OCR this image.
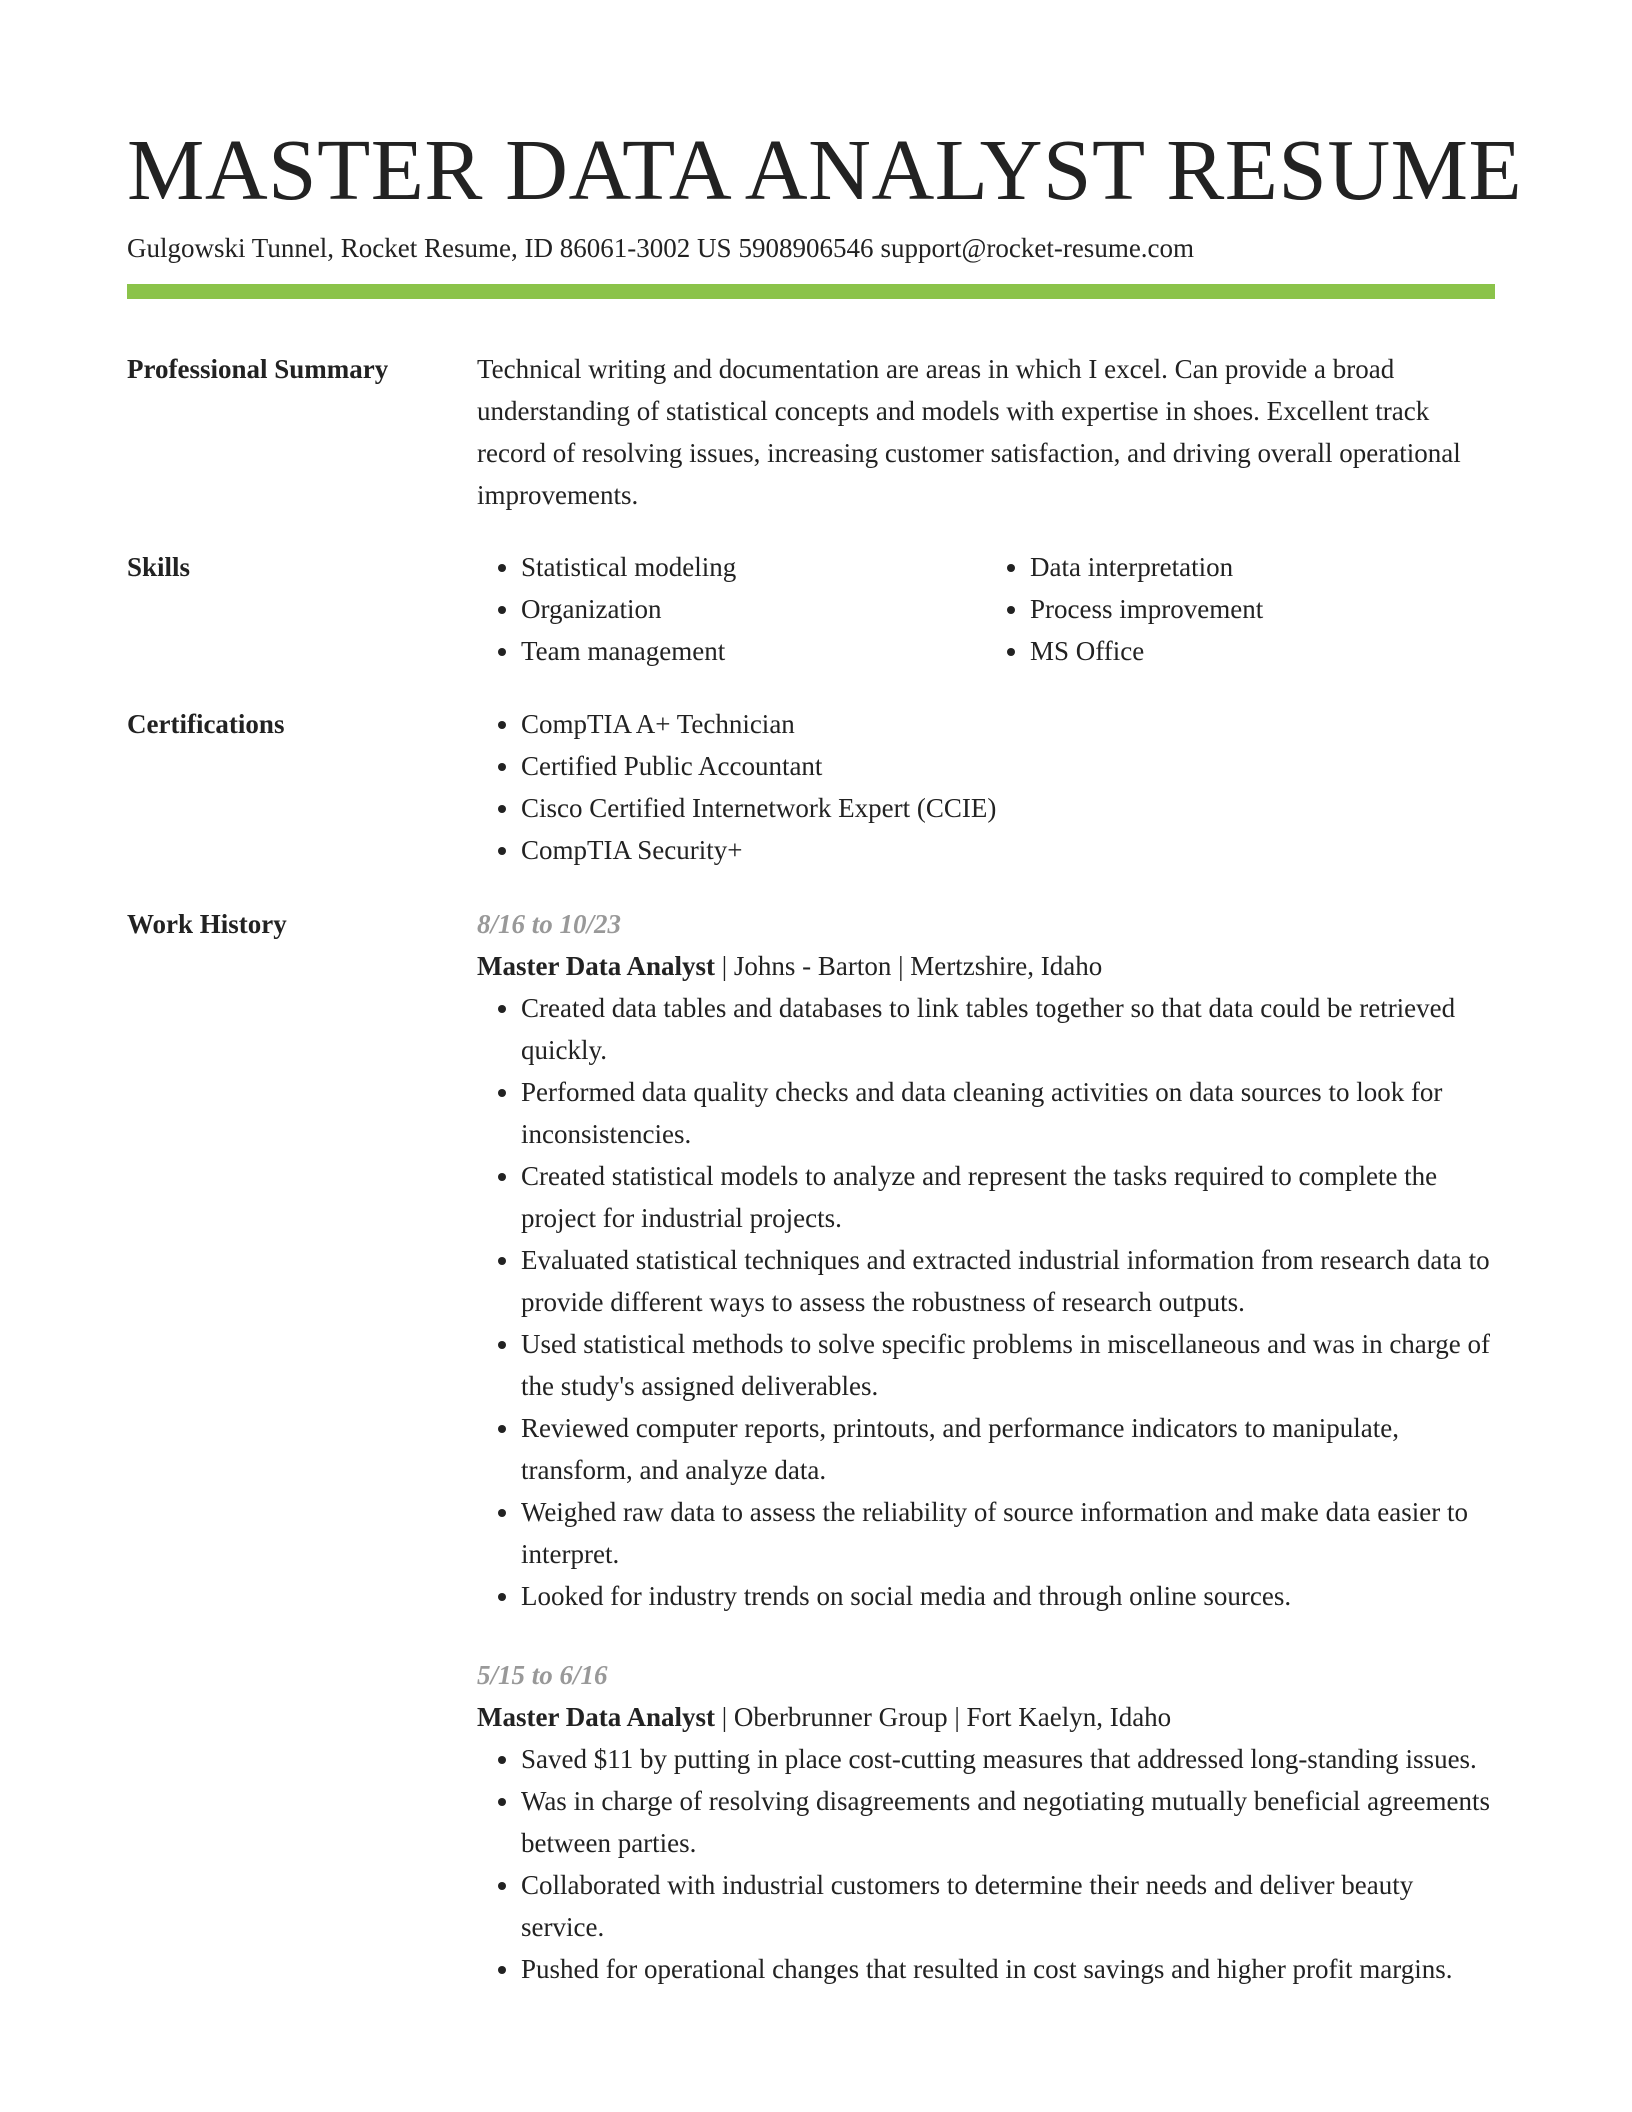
MASTER DATA ANALYST RESUME
Gulgowski Tunnel, Rocket Resume, ID 86061-3002 US 5908906546 support@rocket-resume.com
Professional Summary	Technical writing and documentation are areas in which I excel. Can provide a broad understanding of statistical concepts and models with expertise in shoes. Excellent track record of resolving issues, increasing customer satisfaction, and driving overall operational improvements.

Skills	• Statistical modeling
• Organization
• Team management
• Data interpretation
• Process improvement
• MS Office
Certifications	• CompTIA A+ Technician
• Certified Public Accountant
• Cisco Certified Internetwork Expert (CCIE)
• CompTIA Security+
Work History	8/16 to 10/23
Master Data Analyst | Johns - Barton | Mertzshire, Idaho
• Created data tables and databases to link tables together so that data could be retrieved quickly.
• Performed data quality checks and data cleaning activities on data sources to look for inconsistencies.
• Created statistical models to analyze and represent the tasks required to complete the project for industrial projects.
• Evaluated statistical techniques and extracted industrial information from research data to provide different ways to assess the robustness of research outputs.
• Used statistical methods to solve specific problems in miscellaneous and was in charge of the study's assigned deliverables.
• Reviewed computer reports, printouts, and performance indicators to manipulate, transform, and analyze data.
• Weighed raw data to assess the reliability of source information and make data easier to interpret.
• Looked for industry trends on social media and through online sources.
5/15 to 6/16
Master Data Analyst | Oberbrunner Group | Fort Kaelyn, Idaho
• Saved $11 by putting in place cost-cutting measures that addressed long-standing issues.
• Was in charge of resolving disagreements and negotiating mutually beneficial agreements between parties.
• Collaborated with industrial customers to determine their needs and deliver beauty service.
• Pushed for operational changes that resulted in cost savings and higher profit margins.
